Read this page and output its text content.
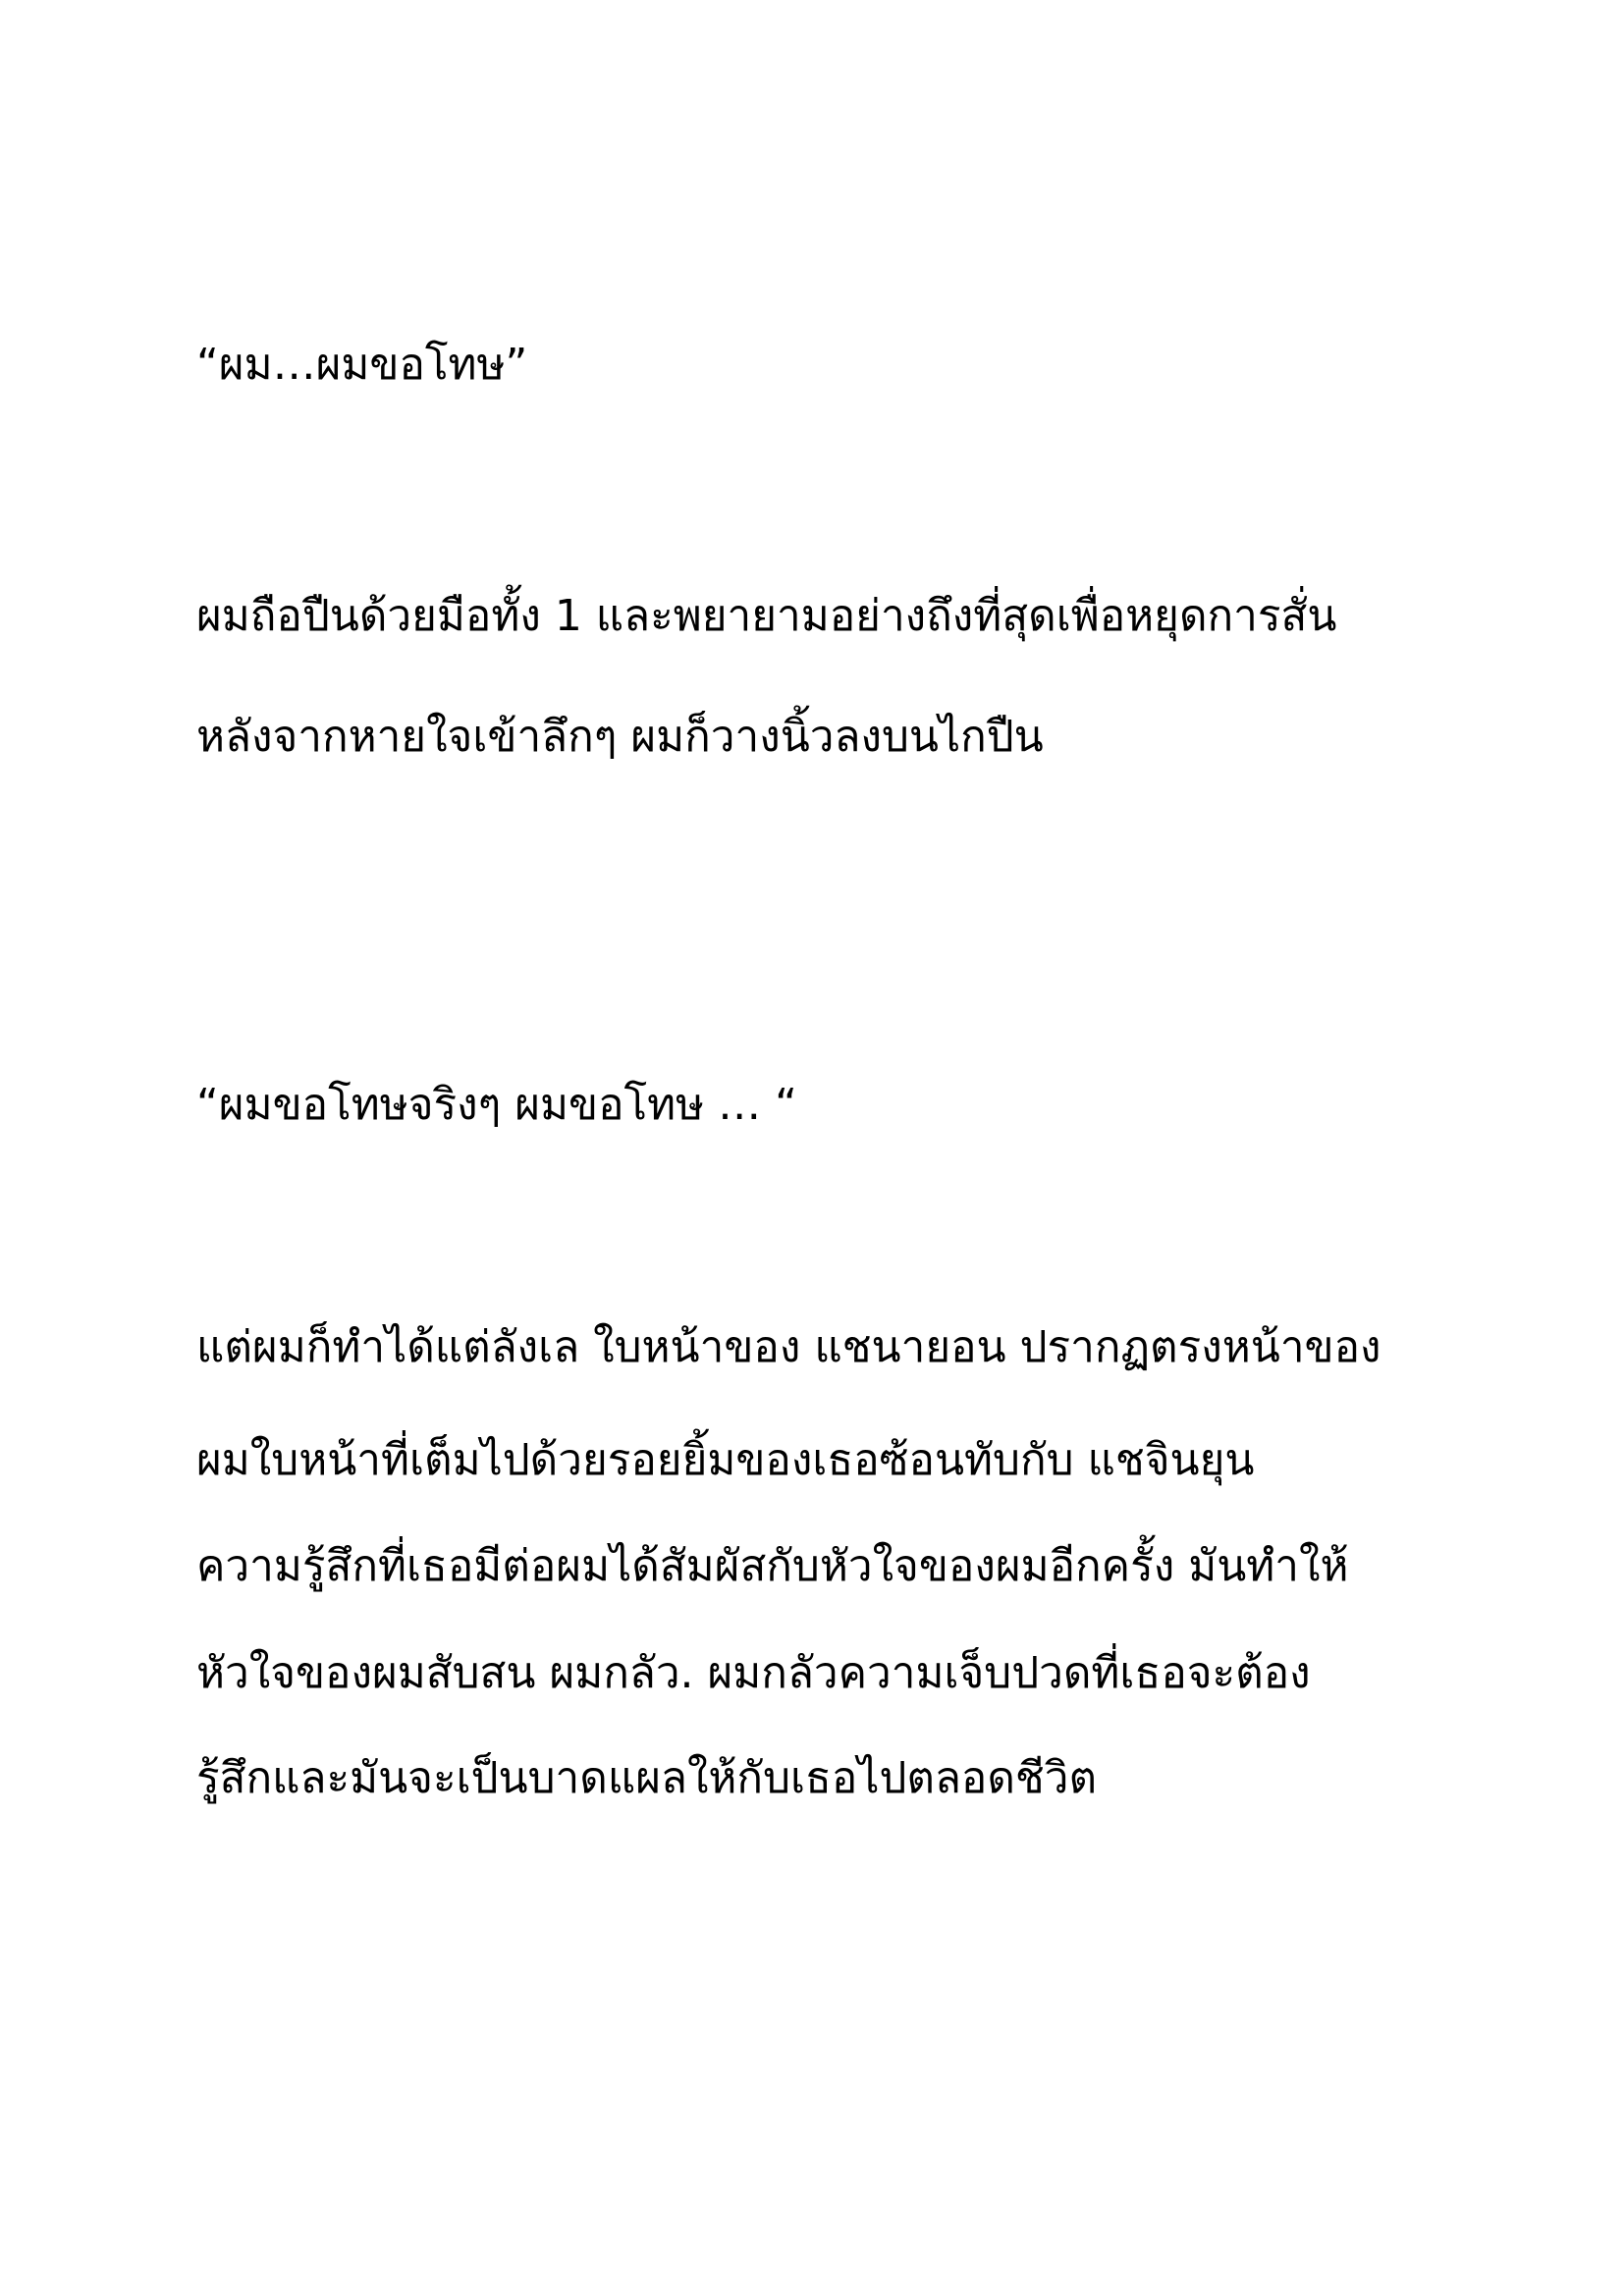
“ผม…ผมขอโทษ”
ผมถือปืนด้วยมือทั้ง 1 และพยายามอย่างถึงที่สุดเพื่อหยุดการสั่น
หลังจากหายใจเข้าลึกๆ ผมก็วางนิ้วลงบนไกปืน
“ผมขอโทษจริงๆ ผมขอโทษ … “
แต่ผมก็ทำได้แต่ลังเล ใบหน้าของ แชนายอน ปรากฏตรงหน้าของ
ผมใบหน้าที่เต็มไปด้วยรอยยิ้มของเธอซ้อนทับกับ แชจินยุน
ความรู้สึกที่เธอมีต่อผมได้สัมผัสกับหัวใจของผมอีกครั้ง มันทำให้
หัวใจของผมสับสน ผมกลัว. ผมกลัวความเจ็บปวดที่เธอจะต้อง
รู้สึกและมันจะเป็นบาดแผลให้กับเธอไปตลอดชีวิต
